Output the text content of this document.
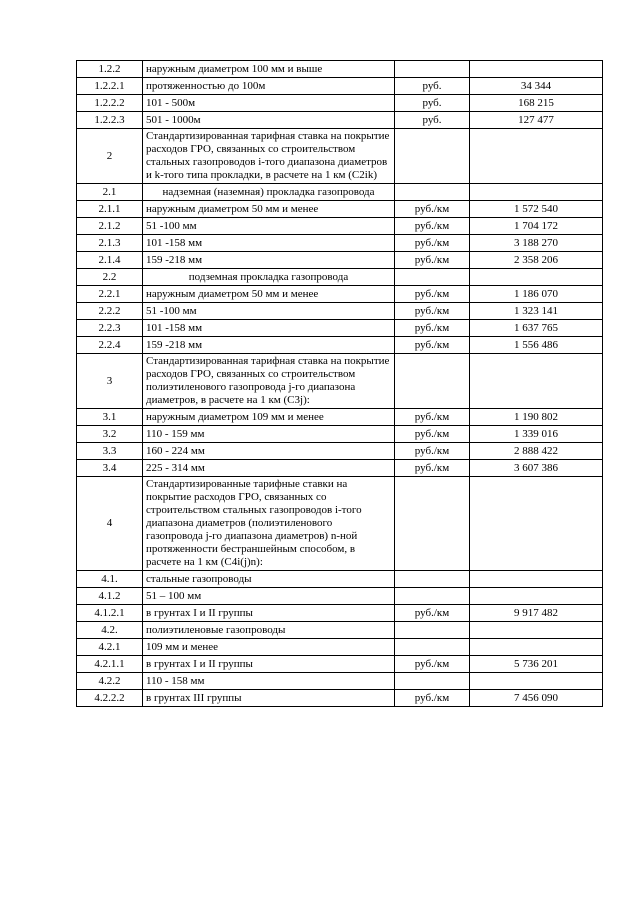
1.2.2	наружным диаметром 100 мм и выше		
1.2.2.1	протяженностью до 100м	руб.	34 344
1.2.2.2	101 - 500м	руб.	168 215
1.2.2.3	501 - 1000м	руб.	127 477
2	Стандартизированная тарифная ставка на покрытие расходов ГРО, связанных со строительством стальных газопроводов i-того диапазона диаметров и k-того типа прокладки, в расчете на 1 км (C2ik)		
2.1	надземная (наземная) прокладка газопровода		
2.1.1	наружным диаметром 50 мм и менее	руб./км	1 572 540
2.1.2	51 -100 мм	руб./км	1 704 172
2.1.3	101 -158 мм	руб./км	3 188 270
2.1.4	159 -218 мм	руб./км	2 358 206
2.2	подземная прокладка газопровода		
2.2.1	наружным диаметром 50 мм и менее	руб./км	1 186 070
2.2.2	51 -100 мм	руб./км	1 323 141
2.2.3	101 -158 мм	руб./км	1 637 765
2.2.4	159 -218 мм	руб./км	1 556 486
3	Стандартизированная тарифная ставка на покрытие расходов ГРО, связанных со строительством полиэтиленового газопровода j-го диапазона диаметров, в расчете на 1 км (C3j):		
3.1	наружным диаметром 109 мм и менее	руб./км	1 190 802
3.2	110 - 159 мм	руб./км	1 339 016
3.3	160 - 224 мм	руб./км	2 888 422
3.4	225 - 314 мм	руб./км	3 607 386
4	Стандартизированные тарифные ставки на покрытие расходов ГРО, связанных со строительством стальных газопроводов i-того диапазона диаметров (полиэтиленового газопровода j-го диапазона диаметров) n-ной протяженности бестраншейным способом, в расчете на 1 км (C4i(j)n):		
4.1.	стальные газопроводы		
4.1.2	51 – 100 мм		
4.1.2.1	в грунтах I и II группы	руб./км	9 917 482
4.2.	полиэтиленовые газопроводы		
4.2.1	109 мм и менее		
4.2.1.1	в грунтах I и II группы	руб./км	5 736 201
4.2.2	110 - 158 мм		
4.2.2.2	в грунтах III группы	руб./км	7 456 090
